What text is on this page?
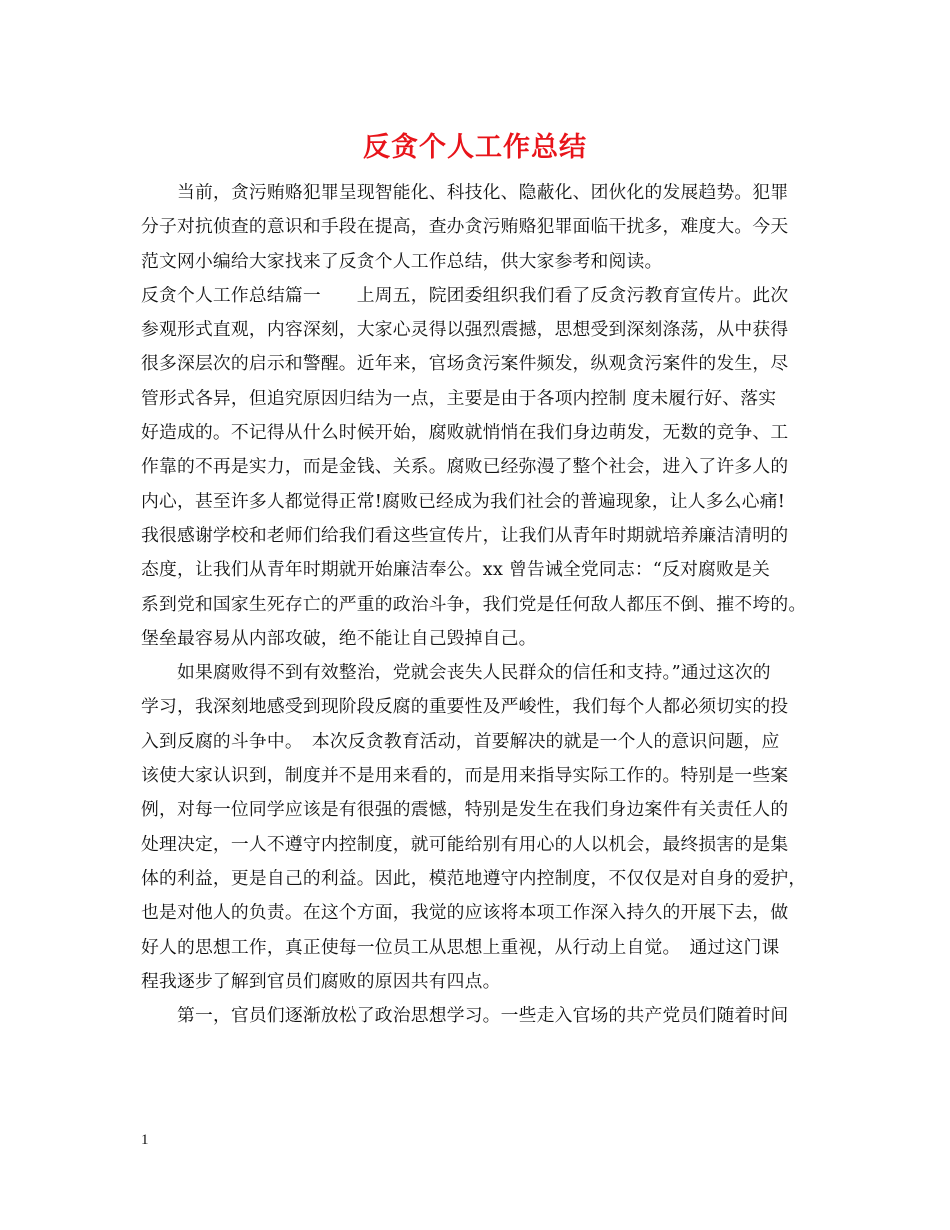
反贪个人工作总结
当前，贪污贿赂犯罪呈现智能化、科技化、隐蔽化、团伙化的发展趋势。犯罪
分子对抗侦查的意识和手段在提高，查办贪污贿赂犯罪面临干扰多，难度大。今天
范文网小编给大家找来了反贪个人工作总结，供大家参考和阅读。
反贪个人工作总结篇一　　上周五，院团委组织我们看了反贪污教育宣传片。此次
参观形式直观，内容深刻，大家心灵得以强烈震撼，思想受到深刻涤荡，从中获得
很多深层次的启示和警醒。近年来，官场贪污案件频发，纵观贪污案件的发生，尽
管形式各异，但追究原因归结为一点，主要是由于各项内控制 度未履行好、落实
好造成的。不记得从什么时候开始，腐败就悄悄在我们身边萌发，无数的竞争、工
作靠的不再是实力，而是金钱、关系。腐败已经弥漫了整个社会，进入了许多人的
内心，甚至许多人都觉得正常!腐败已经成为我们社会的普遍现象，让人多么心痛!
我很感谢学校和老师们给我们看这些宣传片，让我们从青年时期就培养廉洁清明的
态度，让我们从青年时期就开始廉洁奉公。xx 曾告诫全党同志：“反对腐败是关
系到党和国家生死存亡的严重的政治斗争，我们党是任何敌人都压不倒、摧不垮的。
堡垒最容易从内部攻破，绝不能让自己毁掉自己。
如果腐败得不到有效整治，党就会丧失人民群众的信任和支持。”通过这次的
学习，我深刻地感受到现阶段反腐的重要性及严峻性，我们每个人都必须切实的投
入到反腐的斗争中。　本次反贪教育活动，首要解决的就是一个人的意识问题，应
该使大家认识到，制度并不是用来看的，而是用来指导实际工作的。特别是一些案
例，对每一位同学应该是有很强的震憾，特别是发生在我们身边案件有关责任人的
处理决定，一人不遵守内控制度，就可能给别有用心的人以机会，最终损害的是集
体的利益，更是自己的利益。因此，模范地遵守内控制度，不仅仅是对自身的爱护，
也是对他人的负责。在这个方面，我觉的应该将本项工作深入持久的开展下去，做
好人的思想工作，真正使每一位员工从思想上重视，从行动上自觉。　通过这门课
程我逐步了解到官员们腐败的原因共有四点。
第一，官员们逐渐放松了政治思想学习。一些走入官场的共产党员们随着时间
1
